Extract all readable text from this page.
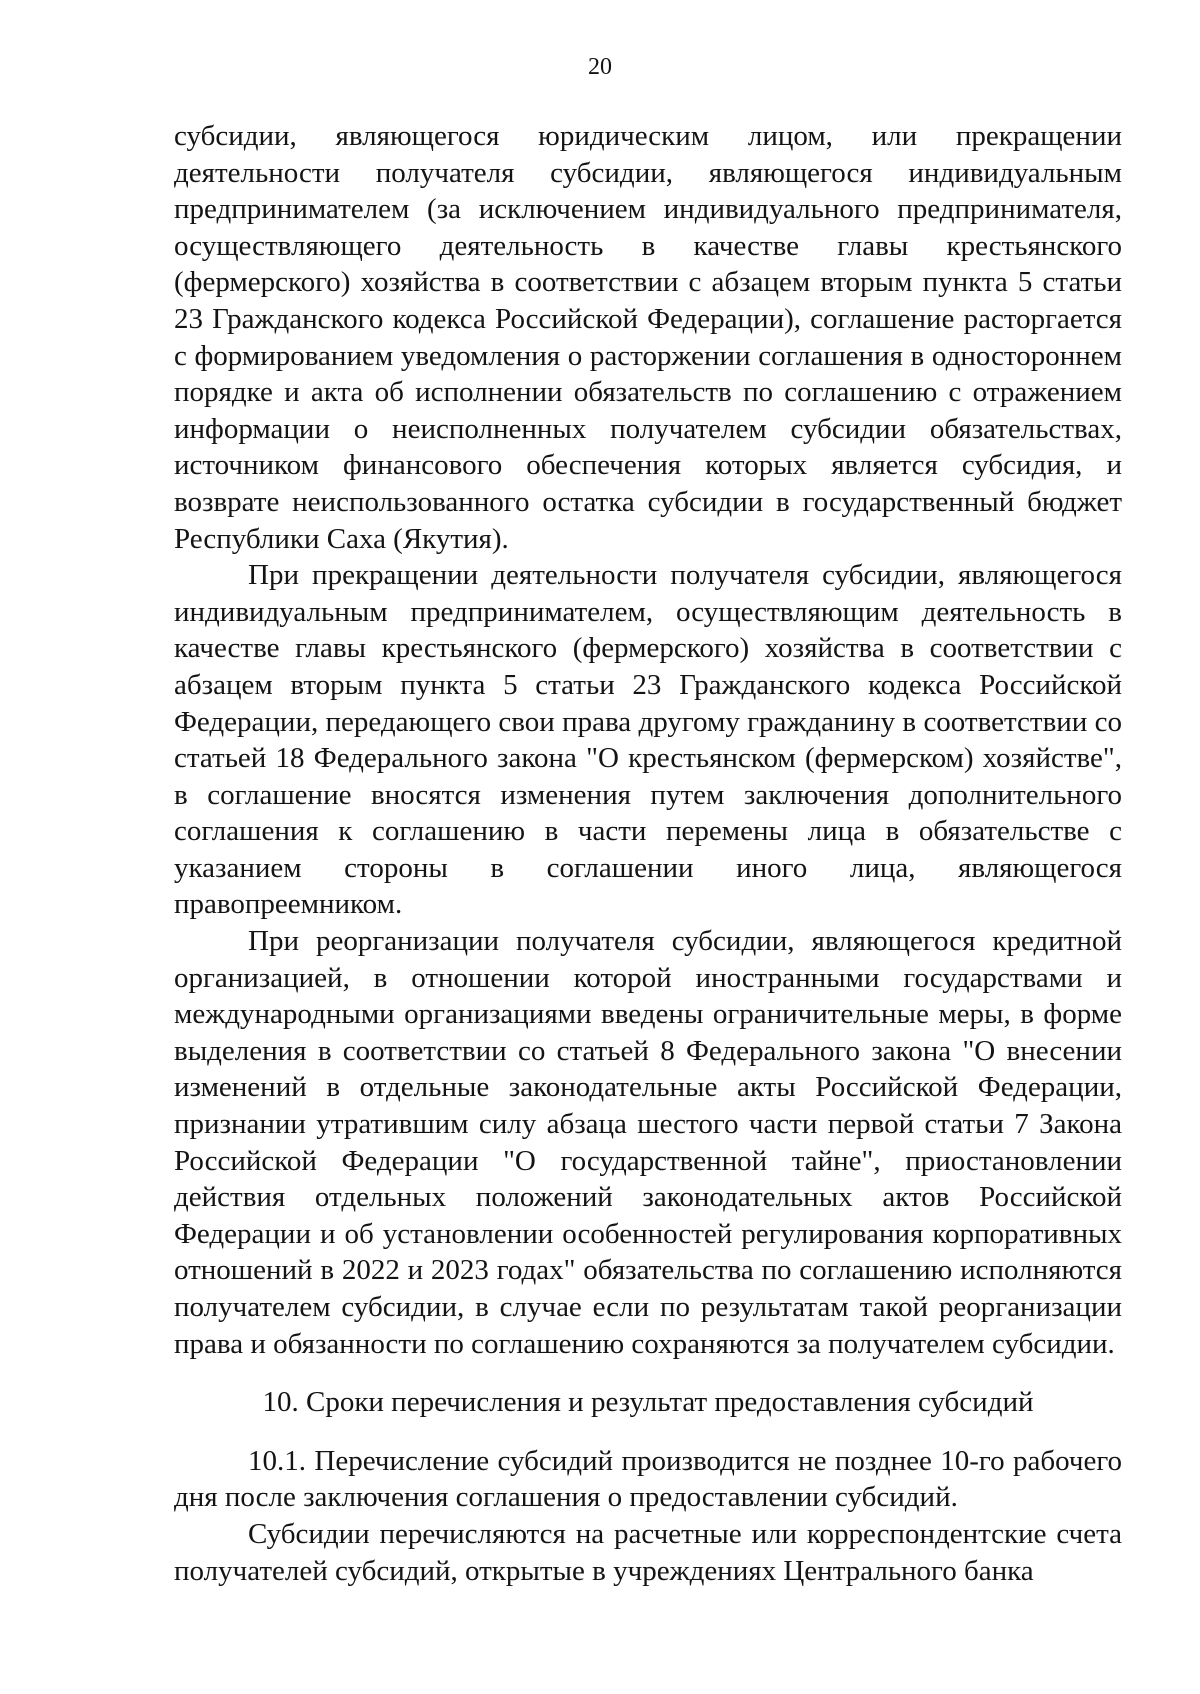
20

субсидии, являющегося юридическим лицом, или прекращении деятельности получателя субсидии, являющегося индивидуальным предпринимателем (за исключением индивидуального предпринимателя, осуществляющего деятельность в качестве главы крестьянского (фермерского) хозяйства в соответствии с абзацем вторым пункта 5 статьи 23 Гражданского кодекса Российской Федерации), соглашение расторгается с формированием уведомления о расторжении соглашения в одностороннем порядке и акта об исполнении обязательств по соглашению с отражением информации о неисполненных получателем субсидии обязательствах, источником финансового обеспечения которых является субсидия, и возврате неиспользованного остатка субсидии в государственный бюджет Республики Саха (Якутия).

При прекращении деятельности получателя субсидии, являющегося индивидуальным предпринимателем, осуществляющим деятельность в качестве главы крестьянского (фермерского) хозяйства в соответствии с абзацем вторым пункта 5 статьи 23 Гражданского кодекса Российской Федерации, передающего свои права другому гражданину в соответствии со статьей 18 Федерального закона "О крестьянском (фермерском) хозяйстве", в соглашение вносятся изменения путем заключения дополнительного соглашения к соглашению в части перемены лица в обязательстве с указанием стороны в соглашении иного лица, являющегося правопреемником.

При реорганизации получателя субсидии, являющегося кредитной организацией, в отношении которой иностранными государствами и международными организациями введены ограничительные меры, в форме выделения в соответствии со статьей 8 Федерального закона "О внесении изменений в отдельные законодательные акты Российской Федерации, признании утратившим силу абзаца шестого части первой статьи 7 Закона Российской Федерации "О государственной тайне", приостановлении действия отдельных положений законодательных актов Российской Федерации и об установлении особенностей регулирования корпоративных отношений в 2022 и 2023 годах" обязательства по соглашению исполняются получателем субсидии, в случае если по результатам такой реорганизации права и обязанности по соглашению сохраняются за получателем субсидии.

10. Сроки перечисления и результат предоставления субсидий

10.1. Перечисление субсидий производится не позднее 10-го рабочего дня после заключения соглашения о предоставлении субсидий.

Субсидии перечисляются на расчетные или корреспондентские счета получателей субсидий, открытые в учреждениях Центрального банка
